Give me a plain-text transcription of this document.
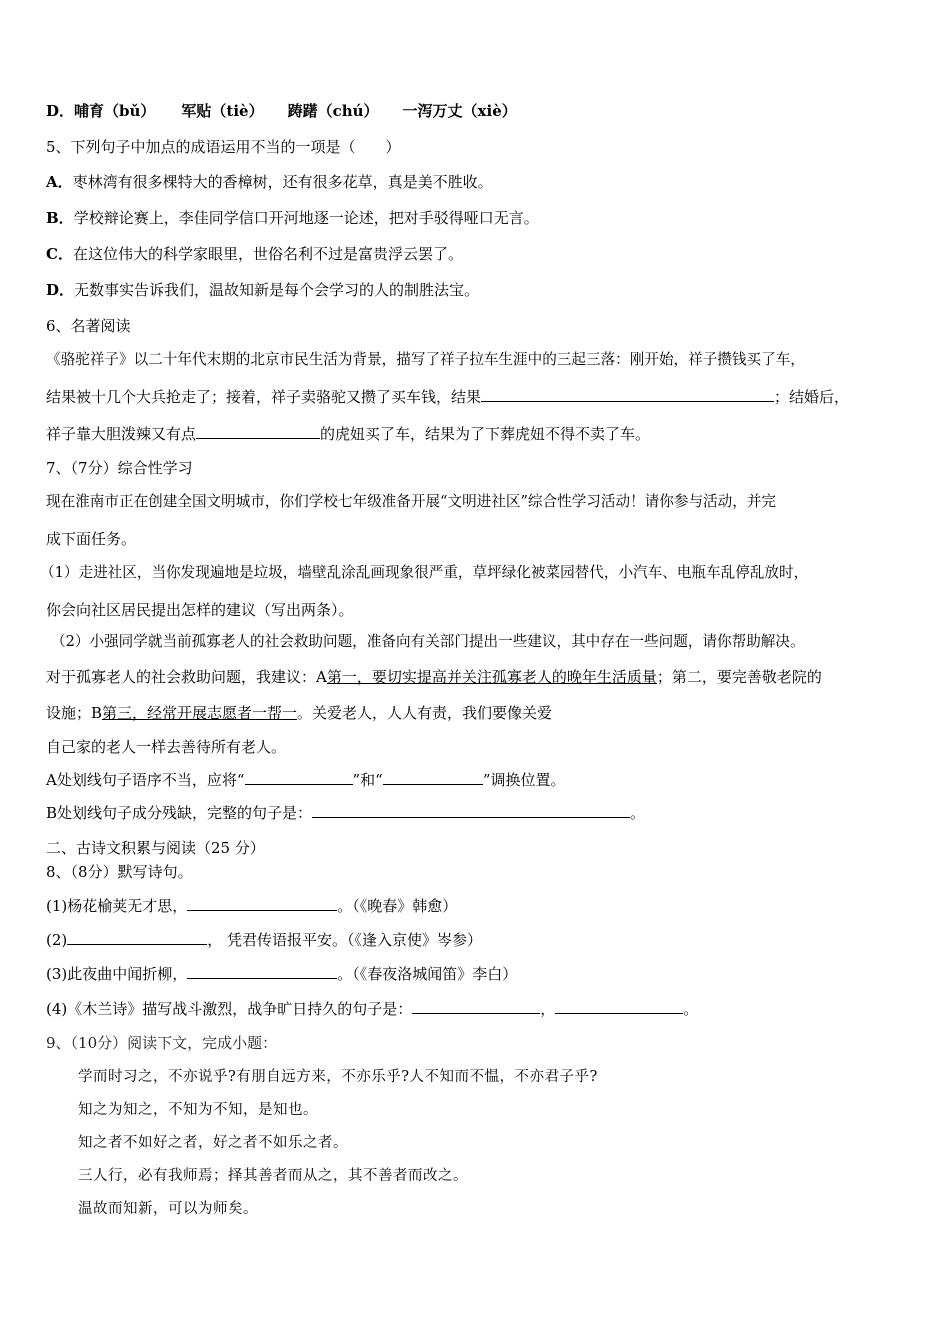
D．哺育（bǔ） 军贴（tiè） 踌躇（chú） 一泻万丈（xiè）
5、下列句子中加点的成语运用不当的一项是（　　）
A．枣林湾有很多棵特大的香樟树，还有很多花草，真是美不胜收。
B．学校辩论赛上，李佳同学信口开河地逐一论述，把对手驳得哑口无言。
C．在这位伟大的科学家眼里，世俗名利不过是富贵浮云罢了。
D．无数事实告诉我们，温故知新是每个会学习的人的制胜法宝。
6、名著阅读
《骆驼祥子》以二十年代末期的北京市民生活为背景，描写了祥子拉车生涯中的三起三落：刚开始，祥子攒钱买了车，
结果被十几个大兵抢走了；接着，祥子卖骆驼又攒了买车钱，结果	；结婚后，
祥子靠大胆泼辣又有点	的虎妞买了车，结果为了下葬虎妞不得不卖了车。
7、（7分）综合性学习
现在淮南市正在创建全国文明城市，你们学校七年级准备开展“文明进社区”综合性学习活动！请你参与活动，并完
成下面任务。
（1）走进社区，当你发现遍地是垃圾，墙壁乱涂乱画现象很严重，草坪绿化被菜园替代，小汽车、电瓶车乱停乱放时，
你会向社区居民提出怎样的建议（写出两条）。
（2）小强同学就当前孤寡老人的社会救助问题，准备向有关部门提出一些建议，其中存在一些问题，请你帮助解决。
对于孤寡老人的社会救助问题，我建议：A第一，要切实提高并关注孤寡老人的晚年生活质量；第二，要完善敬老院的
设施；B第三，经常开展志愿者一帮一。关爱老人，人人有责，我们要像关爱
自己家的老人一样去善待所有老人。
A处划线句子语序不当，应将“	”和“	”调换位置。
B处划线句子成分残缺，完整的句子是：	。
二、古诗文积累与阅读（25 分）
8、（8分）默写诗句。
(1)杨花榆荚无才思，	。（《晚春》韩愈）
(2)	， 凭君传语报平安。（《逢入京使》岑参）
(3)此夜曲中闻折柳，	。（《春夜洛城闻笛》李白）
(4)《木兰诗》描写战斗激烈，战争旷日持久的句子是：	，	。
9、（10分）阅读下文，完成小题：
学而时习之，不亦说乎?有朋自远方来，不亦乐乎?人不知而不愠，不亦君子乎?
知之为知之，不知为不知，是知也。
知之者不如好之者，好之者不如乐之者。
三人行，必有我师焉；择其善者而从之，其不善者而改之。
温故而知新，可以为师矣。
